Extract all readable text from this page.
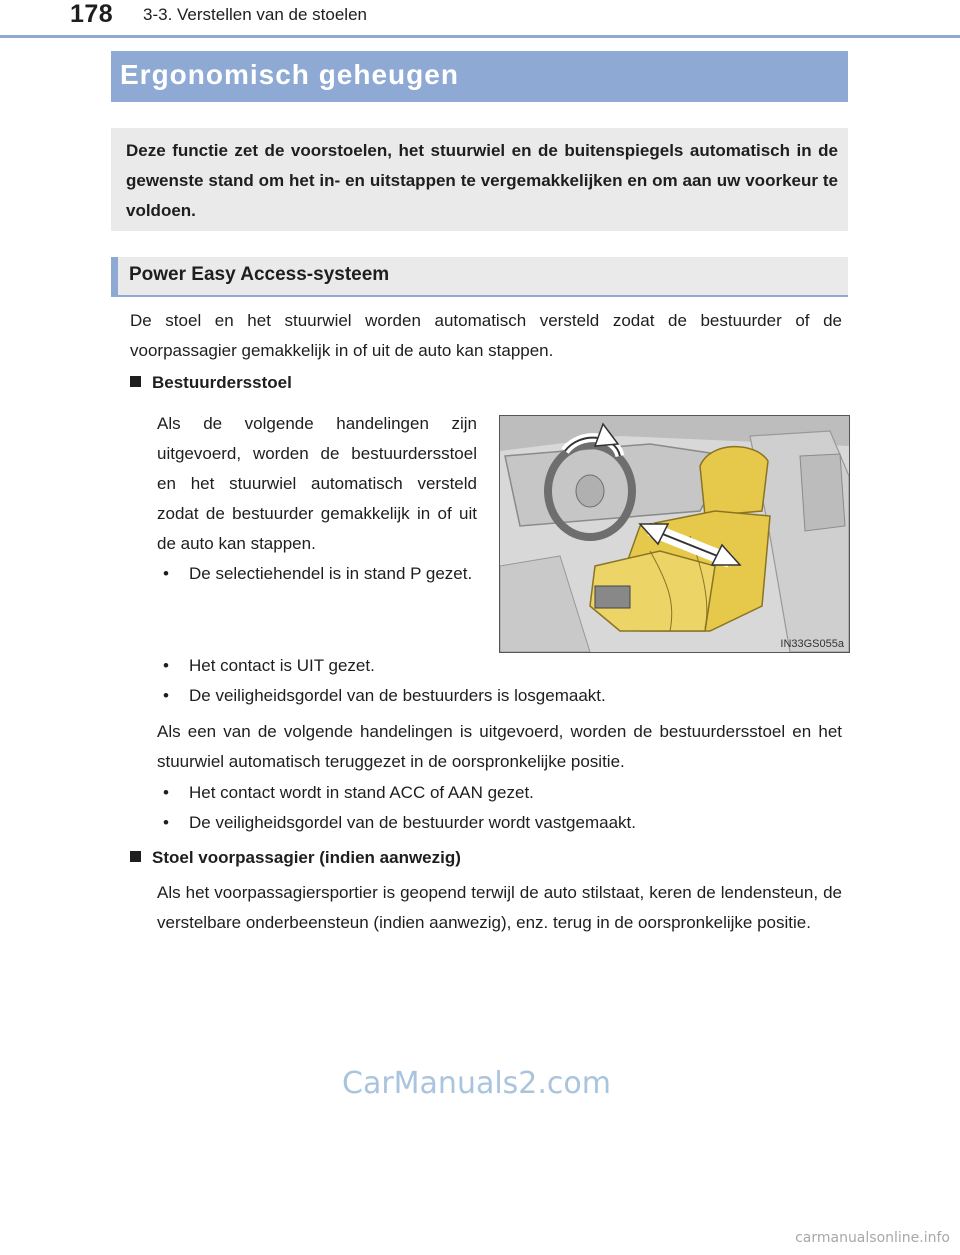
178 3-3. Verstellen van de stoelen
Ergonomisch geheugen

Deze functie zet de voorstoelen, het stuurwiel en de buitenspiegels automatisch in de gewenste stand om het in- en uitstappen te vergemakkelijken en om aan uw voorkeur te voldoen.

Power Easy Access-systeem

De stoel en het stuurwiel worden automatisch versteld zodat de bestuurder of de voorpassagier gemakkelijk in of uit de auto kan stappen.

Bestuurdersstoel

Als de volgende handelingen zijn uitgevoerd, worden de bestuurdersstoel en het stuurwiel automatisch versteld zodat de bestuurder gemakkelijk in of uit de auto kan stappen.

• De selectiehendel is in stand P gezet.
IN33GS055a
• Het contact is UIT gezet.
• De veiligheidsgordel van de bestuurders is losgemaakt.

Als een van de volgende handelingen is uitgevoerd, worden de bestuurdersstoel en het stuurwiel automatisch teruggezet in de oorspronkelijke positie.

• Het contact wordt in stand ACC of AAN gezet.
• De veiligheidsgordel van de bestuurder wordt vastgemaakt.
Stoel voorpassagier (indien aanwezig)

Als het voorpassagiersportier is geopend terwijl de auto stilstaat, keren de lendensteun, de verstelbare onderbeensteun (indien aanwezig), enz. terug in de oorspronkelijke positie.

CarManuals2.com
carmanualsonline.info
